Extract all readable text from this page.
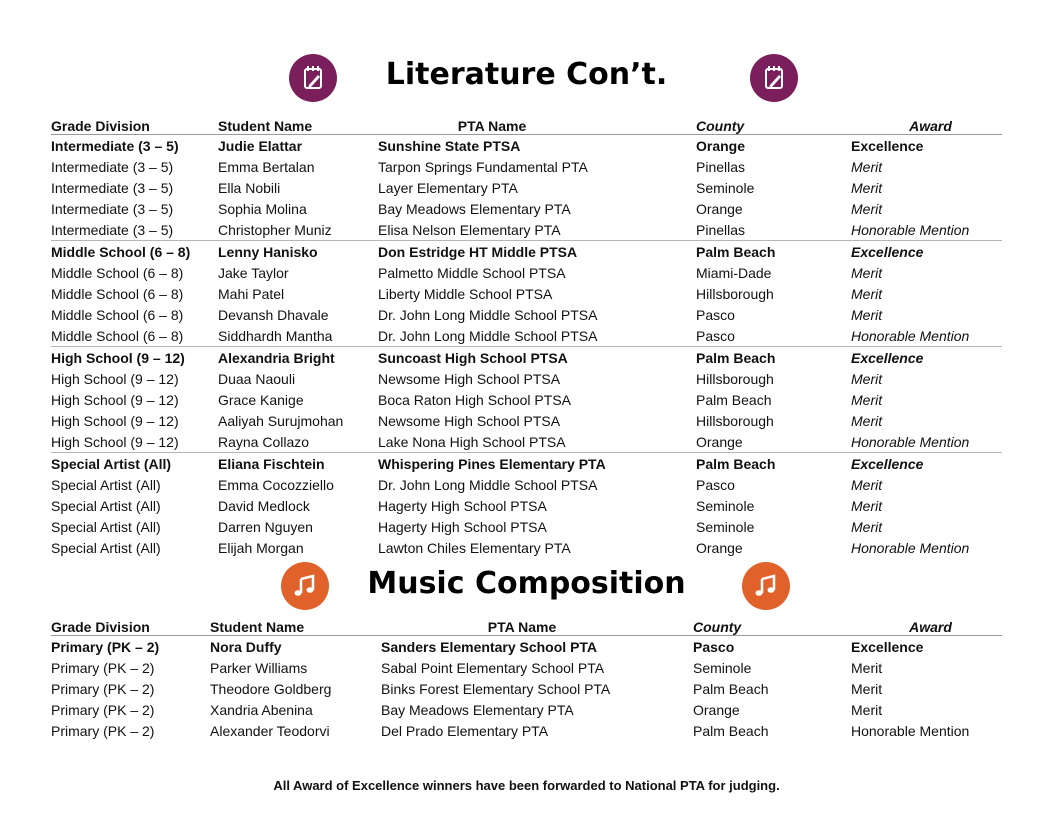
Literature Con’t.
Grade Division	Student Name	PTA Name	County	Award
Intermediate (3 – 5)	Judie Elattar	Sunshine State PTSA	Orange	Excellence
Intermediate (3 – 5)	Emma Bertalan	Tarpon Springs Fundamental PTA	Pinellas	Merit
Intermediate (3 – 5)	Ella Nobili	Layer Elementary PTA	Seminole	Merit
Intermediate (3 – 5)	Sophia Molina	Bay Meadows Elementary PTA	Orange	Merit
Intermediate (3 – 5)	Christopher Muniz	Elisa Nelson Elementary PTA	Pinellas	Honorable Mention
Middle School (6 – 8)	Lenny Hanisko	Don Estridge HT Middle PTSA	Palm Beach	Excellence
Middle School (6 – 8)	Jake Taylor	Palmetto Middle School PTSA	Miami-Dade	Merit
Middle School (6 – 8)	Mahi Patel	Liberty Middle School PTSA	Hillsborough	Merit
Middle School (6 – 8)	Devansh Dhavale	Dr. John Long Middle School PTSA	Pasco	Merit
Middle School (6 – 8)	Siddhardh Mantha	Dr. John Long Middle School PTSA	Pasco	Honorable Mention
High School (9 – 12)	Alexandria Bright	Suncoast High School PTSA	Palm Beach	Excellence
High School (9 – 12)	Duaa Naouli	Newsome High School PTSA	Hillsborough	Merit
High School (9 – 12)	Grace Kanige	Boca Raton High School PTSA	Palm Beach	Merit
High School (9 – 12)	Aaliyah Surujmohan	Newsome High School PTSA	Hillsborough	Merit
High School (9 – 12)	Rayna Collazo	Lake Nona High School PTSA	Orange	Honorable Mention
Special Artist (All)	Eliana Fischtein	Whispering Pines Elementary PTA	Palm Beach	Excellence
Special Artist (All)	Emma Cocozziello	Dr. John Long Middle School PTSA	Pasco	Merit
Special Artist (All)	David Medlock	Hagerty High School PTSA	Seminole	Merit
Special Artist (All)	Darren Nguyen	Hagerty High School PTSA	Seminole	Merit
Special Artist (All)	Elijah Morgan	Lawton Chiles Elementary PTA	Orange	Honorable Mention
Music Composition
Grade Division	Student Name	PTA Name	County	Award
Primary (PK – 2)	Nora Duffy	Sanders Elementary School PTA	Pasco	Excellence
Primary (PK – 2)	Parker Williams	Sabal Point Elementary School PTA	Seminole	Merit
Primary (PK – 2)	Theodore Goldberg	Binks Forest Elementary School PTA	Palm Beach	Merit
Primary (PK – 2)	Xandria Abenina	Bay Meadows Elementary PTA	Orange	Merit
Primary (PK – 2)	Alexander Teodorvi	Del Prado Elementary PTA	Palm Beach	Honorable Mention
All Award of Excellence winners have been forwarded to National PTA for judging.
